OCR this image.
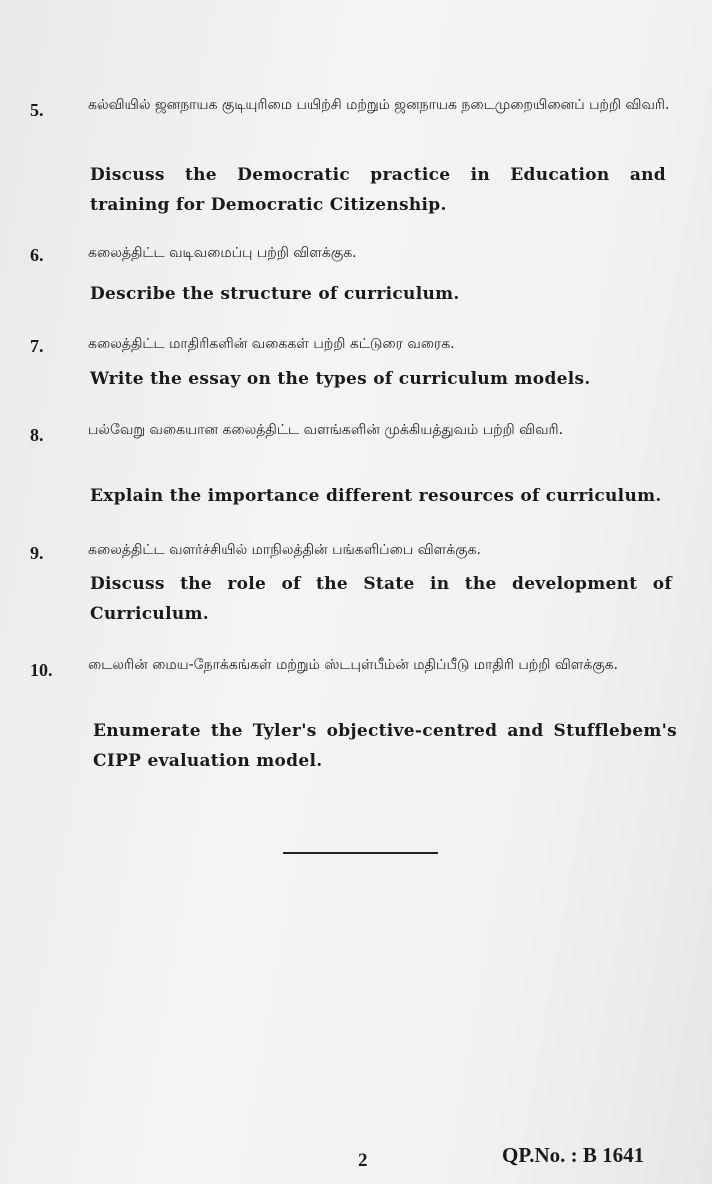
5.	கல்வியில் ஜனநாயக குடியுரிமை பயிற்சி மற்றும் ஜனநாயக நடைமுறையினைப் பற்றி விவரி.
Discuss the Democratic practice in Education and training for Democratic Citizenship.
6.	கலைத்திட்ட வடிவமைப்பு பற்றி விளக்குக.
Describe the structure of curriculum.
7.	கலைத்திட்ட மாதிரிகளின் வகைகள் பற்றி கட்டுரை வரைக.
Write the essay on the types of curriculum models.
8.	பல்வேறு வகையான கலைத்திட்ட வளங்களின் முக்கியத்துவம் பற்றி விவரி.
Explain the importance different resources of curriculum.
9.	கலைத்திட்ட வளர்ச்சியில் மாநிலத்தின் பங்களிப்பை விளக்குக.
Discuss the role of the State in the development of Curriculum.
10.	டைலரின் மைய-நோக்கங்கள் மற்றும் ஸ்டபுள்பீம்ன் மதிப்பீடு மாதிரி பற்றி விளக்குக.
Enumerate the Tyler's objective-centred and Stufflebem's CIPP evaluation model.
2	QP.No. : B 1641
